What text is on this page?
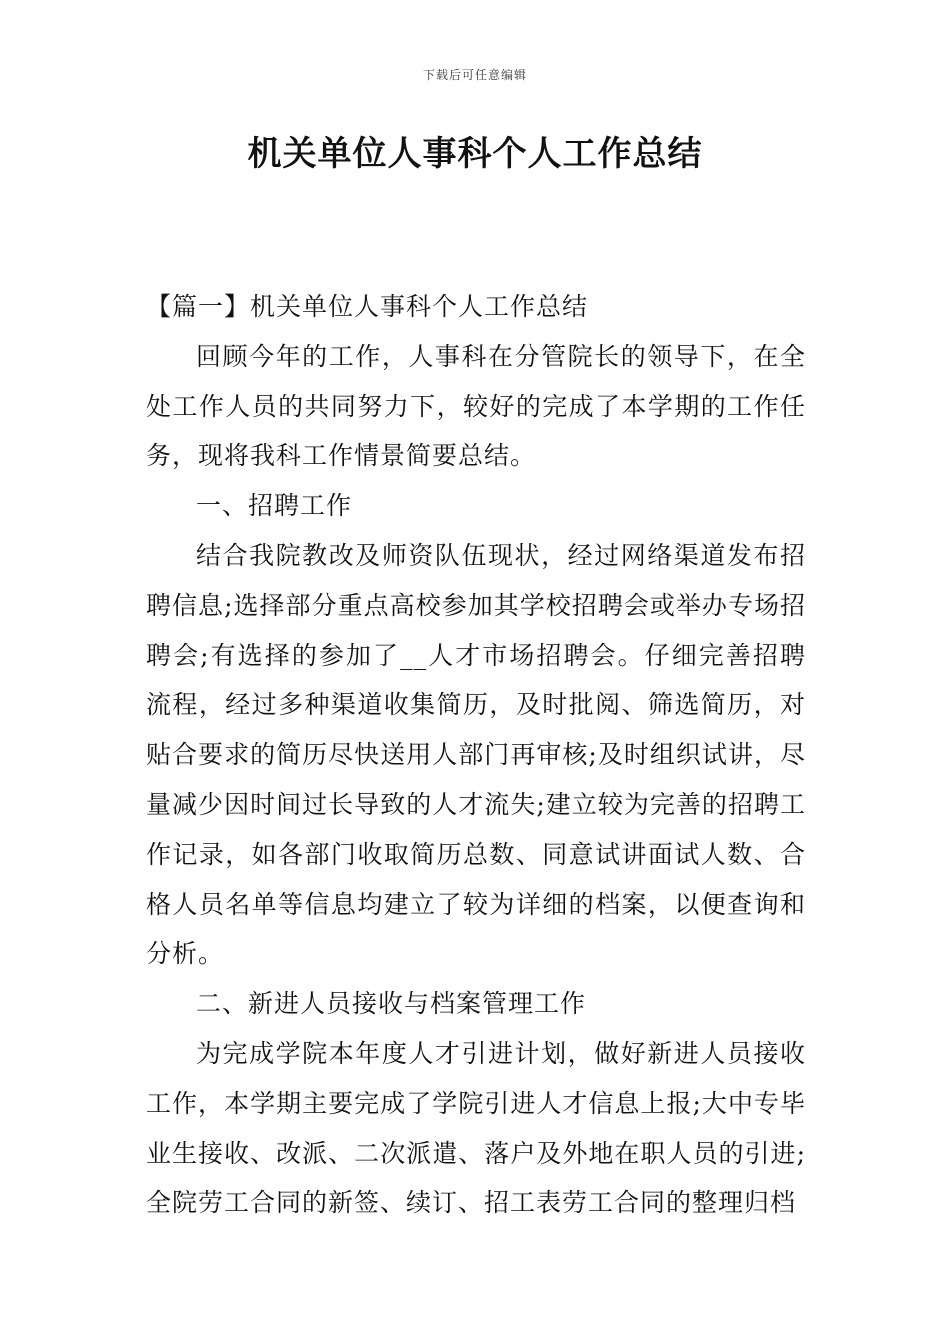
下载后可任意编辑
机关单位人事科个人工作总结

【篇一】机关单位人事科个人工作总结

回顾今年的工作，人事科在分管院长的领导下，在全处工作人员的共同努力下，较好的完成了本学期的工作任务，现将我科工作情景简要总结。

一、招聘工作

结合我院教改及师资队伍现状，经过网络渠道发布招聘信息;选择部分重点高校参加其学校招聘会或举办专场招聘会;有选择的参加了__人才市场招聘会。仔细完善招聘流程，经过多种渠道收集简历，及时批阅、筛选简历，对贴合要求的简历尽快送用人部门再审核;及时组织试讲，尽量减少因时间过长导致的人才流失;建立较为完善的招聘工作记录，如各部门收取简历总数、同意试讲面试人数、合格人员名单等信息均建立了较为详细的档案，以便查询和分析。

二、新进人员接收与档案管理工作

为完成学院本年度人才引进计划，做好新进人员接收工作，本学期主要完成了学院引进人才信息上报;大中专毕业生接收、改派、二次派遣、落户及外地在职人员的引进;全院劳工合同的新签、续订、招工表劳工合同的整理归档
